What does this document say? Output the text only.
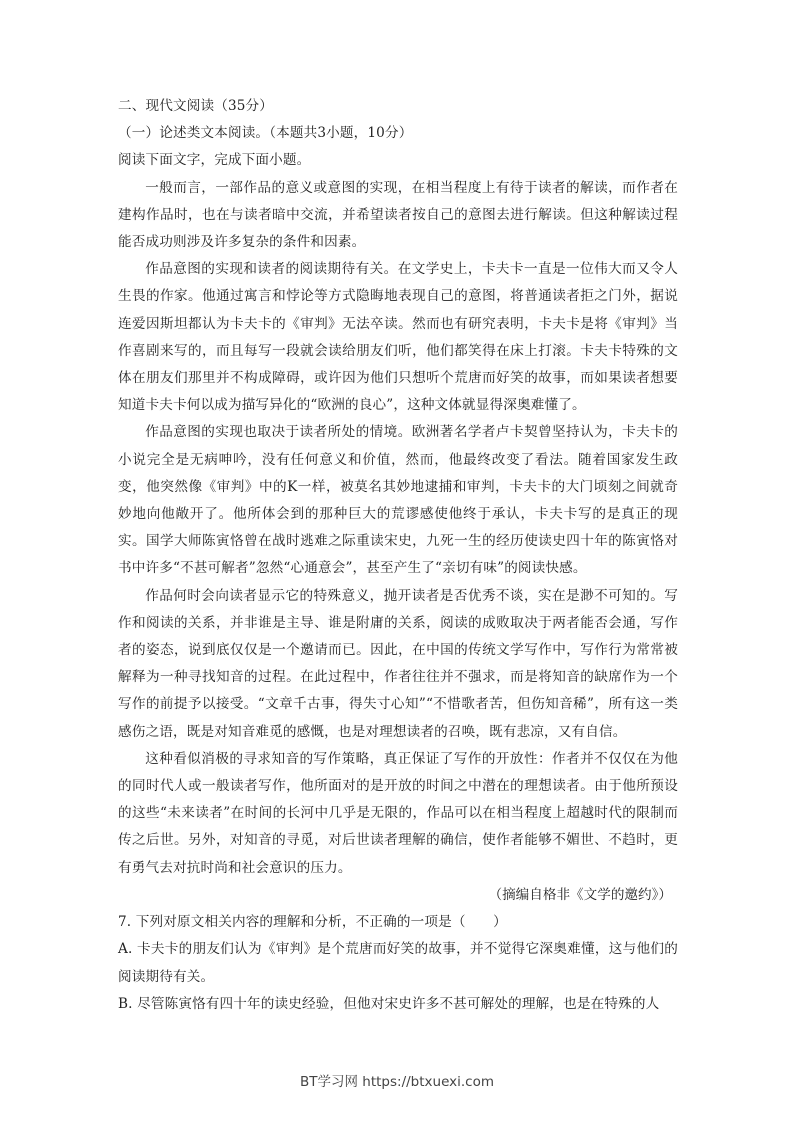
二、现代文阅读（35分）
（一）论述类文本阅读。（本题共3小题，10分）
阅读下面文字，完成下面小题。

一般而言，一部作品的意义或意图的实现，在相当程度上有待于读者的解读，而作者在建构作品时，也在与读者暗中交流，并希望读者按自己的意图去进行解读。但这种解读过程能否成功则涉及许多复杂的条件和因素。

作品意图的实现和读者的阅读期待有关。在文学史上，卡夫卡一直是一位伟大而又令人生畏的作家。他通过寓言和悖论等方式隐晦地表现自己的意图，将普通读者拒之门外，据说连爱因斯坦都认为卡夫卡的《审判》无法卒读。然而也有研究表明，卡夫卡是将《审判》当作喜剧来写的，而且每写一段就会读给朋友们听，他们都笑得在床上打滚。卡夫卡特殊的文体在朋友们那里并不构成障碍，或许因为他们只想听个荒唐而好笑的故事，而如果读者想要知道卡夫卡何以成为描写异化的“欧洲的良心”，这种文体就显得深奥难懂了。

作品意图的实现也取决于读者所处的情境。欧洲著名学者卢卡契曾坚持认为，卡夫卡的小说完全是无病呻吟，没有任何意义和价值，然而，他最终改变了看法。随着国家发生政变，他突然像《审判》中的K一样，被莫名其妙地逮捕和审判，卡夫卡的大门顷刻之间就奇妙地向他敞开了。他所体会到的那种巨大的荒谬感使他终于承认，卡夫卡写的是真正的现实。国学大师陈寅恪曾在战时逃难之际重读宋史，九死一生的经历使读史四十年的陈寅恪对书中许多“不甚可解者”忽然“心通意会”，甚至产生了“亲切有味”的阅读快感。

作品何时会向读者显示它的特殊意义，抛开读者是否优秀不谈，实在是渺不可知的。写作和阅读的关系，并非谁是主导、谁是附庸的关系，阅读的成败取决于两者能否会通，写作者的姿态，说到底仅仅是一个邀请而已。因此，在中国的传统文学写作中，写作行为常常被解释为一种寻找知音的过程。在此过程中，作者往往并不强求，而是将知音的缺席作为一个写作的前提予以接受。“文章千古事，得失寸心知”“不惜歌者苦，但伤知音稀”，所有这一类感伤之语，既是对知音难觅的感慨，也是对理想读者的召唤，既有悲凉，又有自信。

这种看似消极的寻求知音的写作策略，真正保证了写作的开放性：作者并不仅仅在为他的同时代人或一般读者写作，他所面对的是开放的时间之中潜在的理想读者。由于他所预设的这些“未来读者”在时间的长河中几乎是无限的，作品可以在相当程度上超越时代的限制而传之后世。另外，对知音的寻觅，对后世读者理解的确信，使作者能够不媚世、不趋时，更有勇气去对抗时尚和社会意识的压力。

（摘编自格非《文学的邀约》）

7. 下列对原文相关内容的理解和分析，不正确的一项是（　　）

A. 卡夫卡的朋友们认为《审判》是个荒唐而好笑的故事，并不觉得它深奥难懂，这与他们的阅读期待有关。

B. 尽管陈寅恪有四十年的读史经验，但他对宋史许多不甚可解处的理解，也是在特殊的人

BT学习网 https://btxuexi.com
